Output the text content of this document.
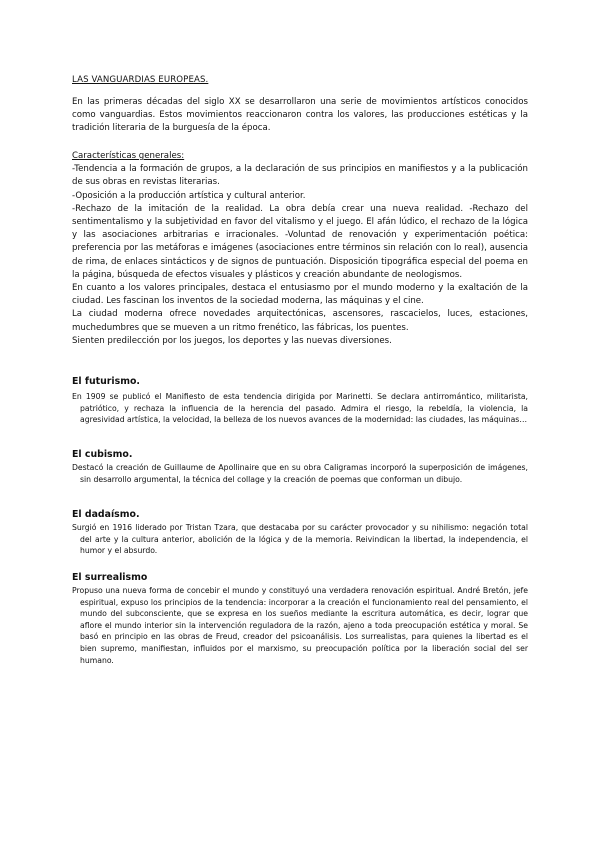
LAS VANGUARDIAS EUROPEAS.

En las primeras décadas del siglo XX se desarrollaron una serie de movimientos artísticos conocidos como vanguardias. Estos movimientos reaccionaron contra los valores, las producciones estéticas y la tradición literaria de la burguesía de la época.

Características generales:

-Tendencia a la formación de grupos, a la declaración de sus principios en manifiestos y a la publicación de sus obras en revistas literarias.

-Oposición a la producción artística y cultural anterior.

-Rechazo de la imitación de la realidad. La obra debía crear una nueva realidad. -Rechazo del sentimentalismo y la subjetividad en favor del vitalismo y el juego. El afán lúdico, el rechazo de la lógica y las asociaciones arbitrarias e irracionales. -Voluntad de renovación y experimentación poética: preferencia por las metáforas e imágenes (asociaciones entre términos sin relación con lo real), ausencia de rima, de enlaces sintácticos y de signos de puntuación. Disposición tipográfica especial del poema en la página, búsqueda de efectos visuales y plásticos y creación abundante de neologismos.

En cuanto a los valores principales, destaca el entusiasmo por el mundo moderno y la exaltación de la ciudad. Les fascinan los inventos de la sociedad moderna, las máquinas y el cine.

La ciudad moderna ofrece novedades arquitectónicas, ascensores, rascacielos, luces, estaciones, muchedumbres que se mueven a un ritmo frenético, las fábricas, los puentes.

Sienten predilección por los juegos, los deportes y las nuevas diversiones.

El futurismo.

En 1909 se publicó el Manifiesto de esta tendencia dirigida por Marinetti. Se declara antirromántico, militarista, patriótico, y rechaza la influencia de la herencia del pasado. Admira el riesgo, la rebeldía, la violencia, la agresividad artística, la velocidad, la belleza de los nuevos avances de la modernidad: las ciudades, las máquinas…

El cubismo.

Destacó la creación de Guillaume de Apollinaire que en su obra Caligramas incorporó la superposición de imágenes, sin desarrollo argumental, la técnica del collage y la creación de poemas que conforman un dibujo.

El dadaísmo.

Surgió en 1916 liderado por Tristan Tzara, que destacaba por su carácter provocador y su nihilismo: negación total del arte y la cultura anterior, abolición de la lógica y de la memoria. Reivindican la libertad, la independencia, el humor y el absurdo.

El surrealismo

Propuso una nueva forma de concebir el mundo y constituyó una verdadera renovación espiritual. André Bretón, jefe espiritual, expuso los principios de la tendencia: incorporar a la creación el funcionamiento real del pensamiento, el mundo del subconsciente, que se expresa en los sueños mediante la escritura automática, es decir, lograr que aflore el mundo interior sin la intervención reguladora de la razón, ajeno a toda preocupación estética y moral. Se basó en principio en las obras de Freud, creador del psicoanálisis. Los surrealistas, para quienes la libertad es el bien supremo, manifiestan, influidos por el marxismo, su preocupación política por la liberación social del ser humano.
